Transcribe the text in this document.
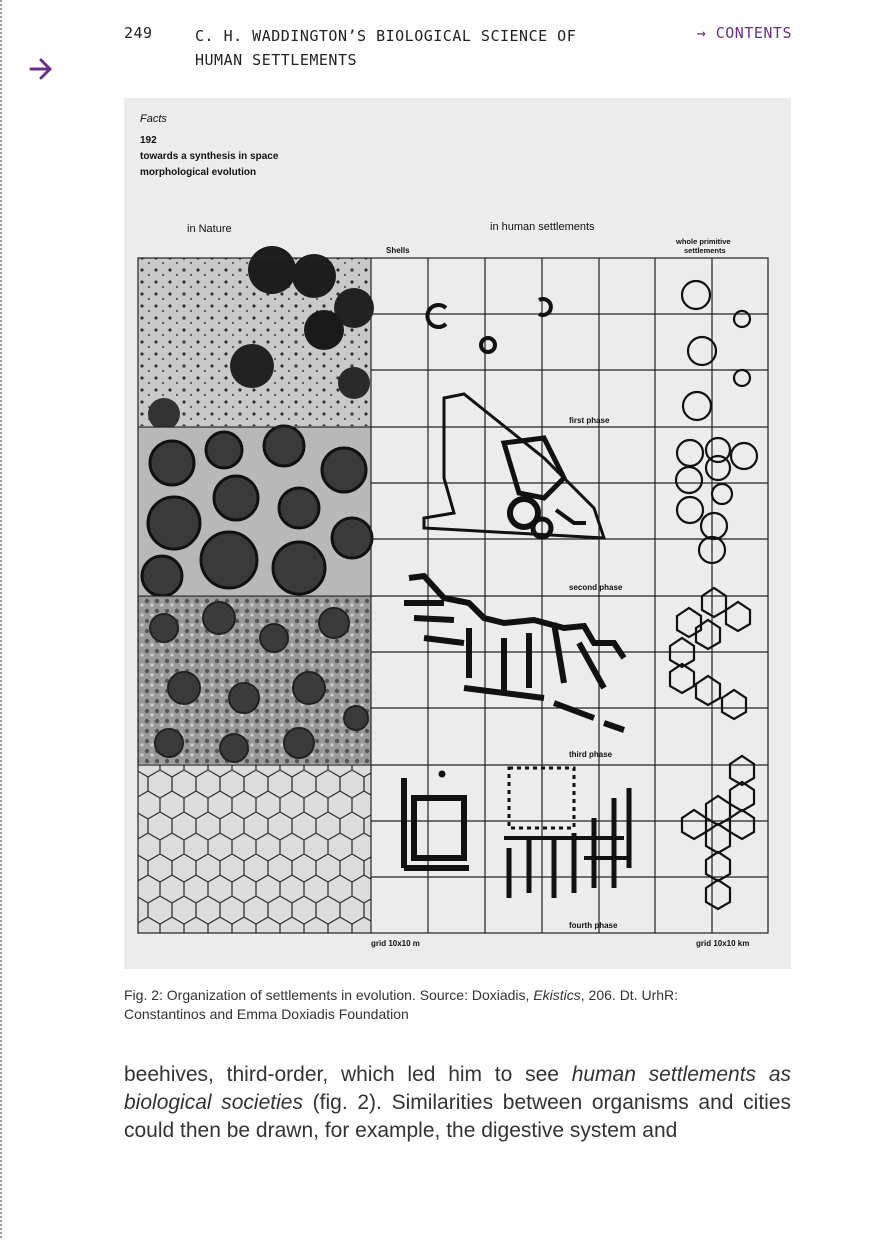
249	C. H. WADDINGTON’S BIOLOGICAL SCIENCE OF
HUMAN SETTLEMENTS
→ CONTENTS
Facts
192
towards a synthesis in space
morphological evolution
in Nature	in human settlements
Shells
whole primitive
settlements
first phase
second phase
third phase
fourth phase
grid 10x10 m	grid 10x10 km
Fig. 2: Organization of settlements in evolution. Source: Doxiadis, Ekistics, 206. Dt. UrhR:
Constantinos and Emma Doxiadis Foundation
beehives, third-order, which led him to see human settlements as biological societies (fig. 2). Similarities between organisms and cities could then be drawn, for example, the digestive system and
